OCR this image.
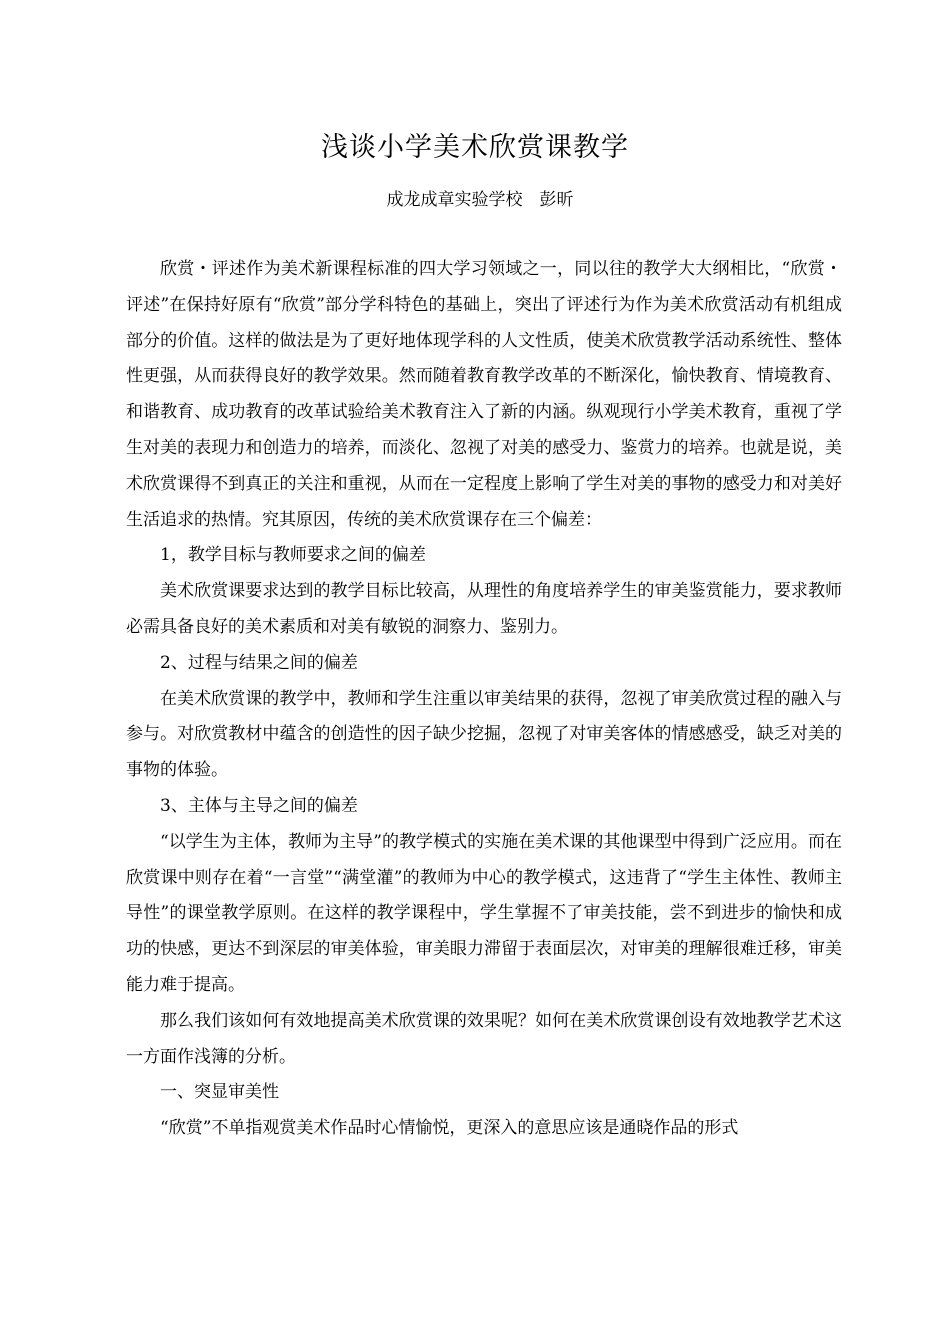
浅谈小学美术欣赏课教学
成龙成章实验学校　彭昕

欣赏・评述作为美术新课程标准的四大学习领域之一，同以往的教学大大纲相比，“欣赏・评述”在保持好原有“欣赏”部分学科特色的基础上，突出了评述行为作为美术欣赏活动有机组成部分的价值。这样的做法是为了更好地体现学科的人文性质，使美术欣赏教学活动系统性、整体性更强，从而获得良好的教学效果。然而随着教育教学改革的不断深化，愉快教育、情境教育、和谐教育、成功教育的改革试验给美术教育注入了新的内涵。纵观现行小学美术教育，重视了学生对美的表现力和创造力的培养，而淡化、忽视了对美的感受力、鉴赏力的培养。也就是说，美术欣赏课得不到真正的关注和重视，从而在一定程度上影响了学生对美的事物的感受力和对美好生活追求的热情。究其原因，传统的美术欣赏课存在三个偏差：

1，教学目标与教师要求之间的偏差

美术欣赏课要求达到的教学目标比较高，从理性的角度培养学生的审美鉴赏能力，要求教师必需具备良好的美术素质和对美有敏锐的洞察力、鉴别力。

2、过程与结果之间的偏差

在美术欣赏课的教学中，教师和学生注重以审美结果的获得，忽视了审美欣赏过程的融入与参与。对欣赏教材中蕴含的创造性的因子缺少挖掘，忽视了对审美客体的情感感受，缺乏对美的事物的体验。

3、主体与主导之间的偏差

“以学生为主体，教师为主导”的教学模式的实施在美术课的其他课型中得到广泛应用。而在欣赏课中则存在着“一言堂”“满堂灌”的教师为中心的教学模式，这违背了“学生主体性、教师主导性”的课堂教学原则。在这样的教学课程中，学生掌握不了审美技能，尝不到进步的愉快和成功的快感，更达不到深层的审美体验，审美眼力滞留于表面层次，对审美的理解很难迁移，审美能力难于提高。

那么我们该如何有效地提高美术欣赏课的效果呢？如何在美术欣赏课创设有效地教学艺术这一方面作浅簿的分析。

一、突显审美性

“欣赏”不单指观赏美术作品时心情愉悦，更深入的意思应该是通晓作品的形式
